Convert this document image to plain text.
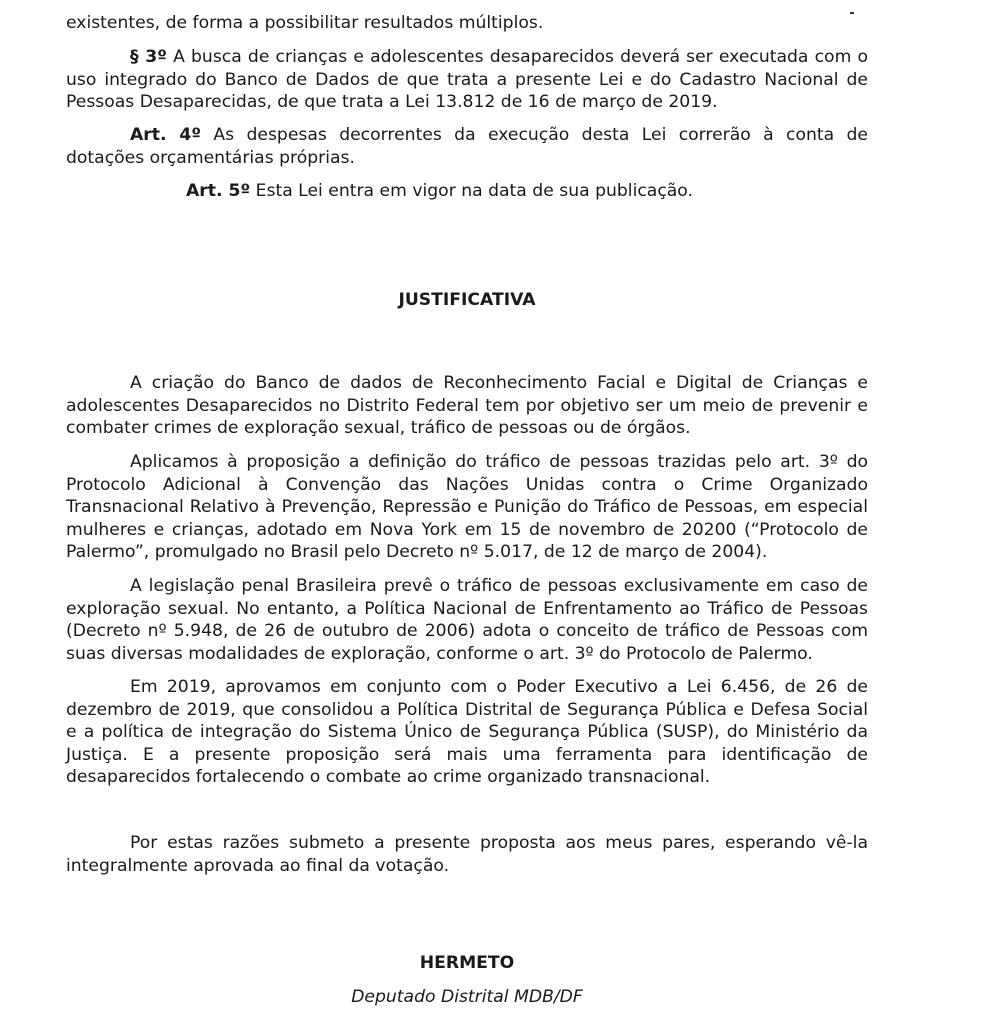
existentes, de forma a possibilitar resultados múltiplos.

§ 3º A busca de crianças e adolescentes desaparecidos deverá ser executada com o uso integrado do Banco de Dados de que trata a presente Lei e do Cadastro Nacional de Pessoas Desaparecidas, de que trata a Lei 13.812 de 16 de março de 2019.

Art. 4º As despesas decorrentes da execução desta Lei correrão à conta de dotações orçamentárias próprias.

Art. 5º Esta Lei entra em vigor na data de sua publicação.

JUSTIFICATIVA

A criação do Banco de dados de Reconhecimento Facial e Digital de Crianças e adolescentes Desaparecidos no Distrito Federal tem por objetivo ser um meio de prevenir e combater crimes de exploração sexual, tráfico de pessoas ou de órgãos.

Aplicamos à proposição a definição do tráfico de pessoas trazidas pelo art. 3º do Protocolo Adicional à Convenção das Nações Unidas contra o Crime Organizado Transnacional Relativo à Prevenção, Repressão e Punição do Tráfico de Pessoas, em especial mulheres e crianças, adotado em Nova York em 15 de novembro de 20200 (“Protocolo de Palermo”, promulgado no Brasil pelo Decreto nº 5.017, de 12 de março de 2004).

A legislação penal Brasileira prevê o tráfico de pessoas exclusivamente em caso de exploração sexual. No entanto, a Política Nacional de Enfrentamento ao Tráfico de Pessoas (Decreto nº 5.948, de 26 de outubro de 2006) adota o conceito de tráfico de Pessoas com suas diversas modalidades de exploração, conforme o art. 3º do Protocolo de Palermo.

Em 2019, aprovamos em conjunto com o Poder Executivo a Lei 6.456, de 26 de dezembro de 2019, que consolidou a Política Distrital de Segurança Pública e Defesa Social e a política de integração do Sistema Único de Segurança Pública (SUSP), do Ministério da Justiça. E a presente proposição será mais uma ferramenta para identificação de desaparecidos fortalecendo o combate ao crime organizado transnacional.

Por estas razões submeto a presente proposta aos meus pares, esperando vê-la integralmente aprovada ao final da votação.

HERMETO
Deputado Distrital MDB/DF
